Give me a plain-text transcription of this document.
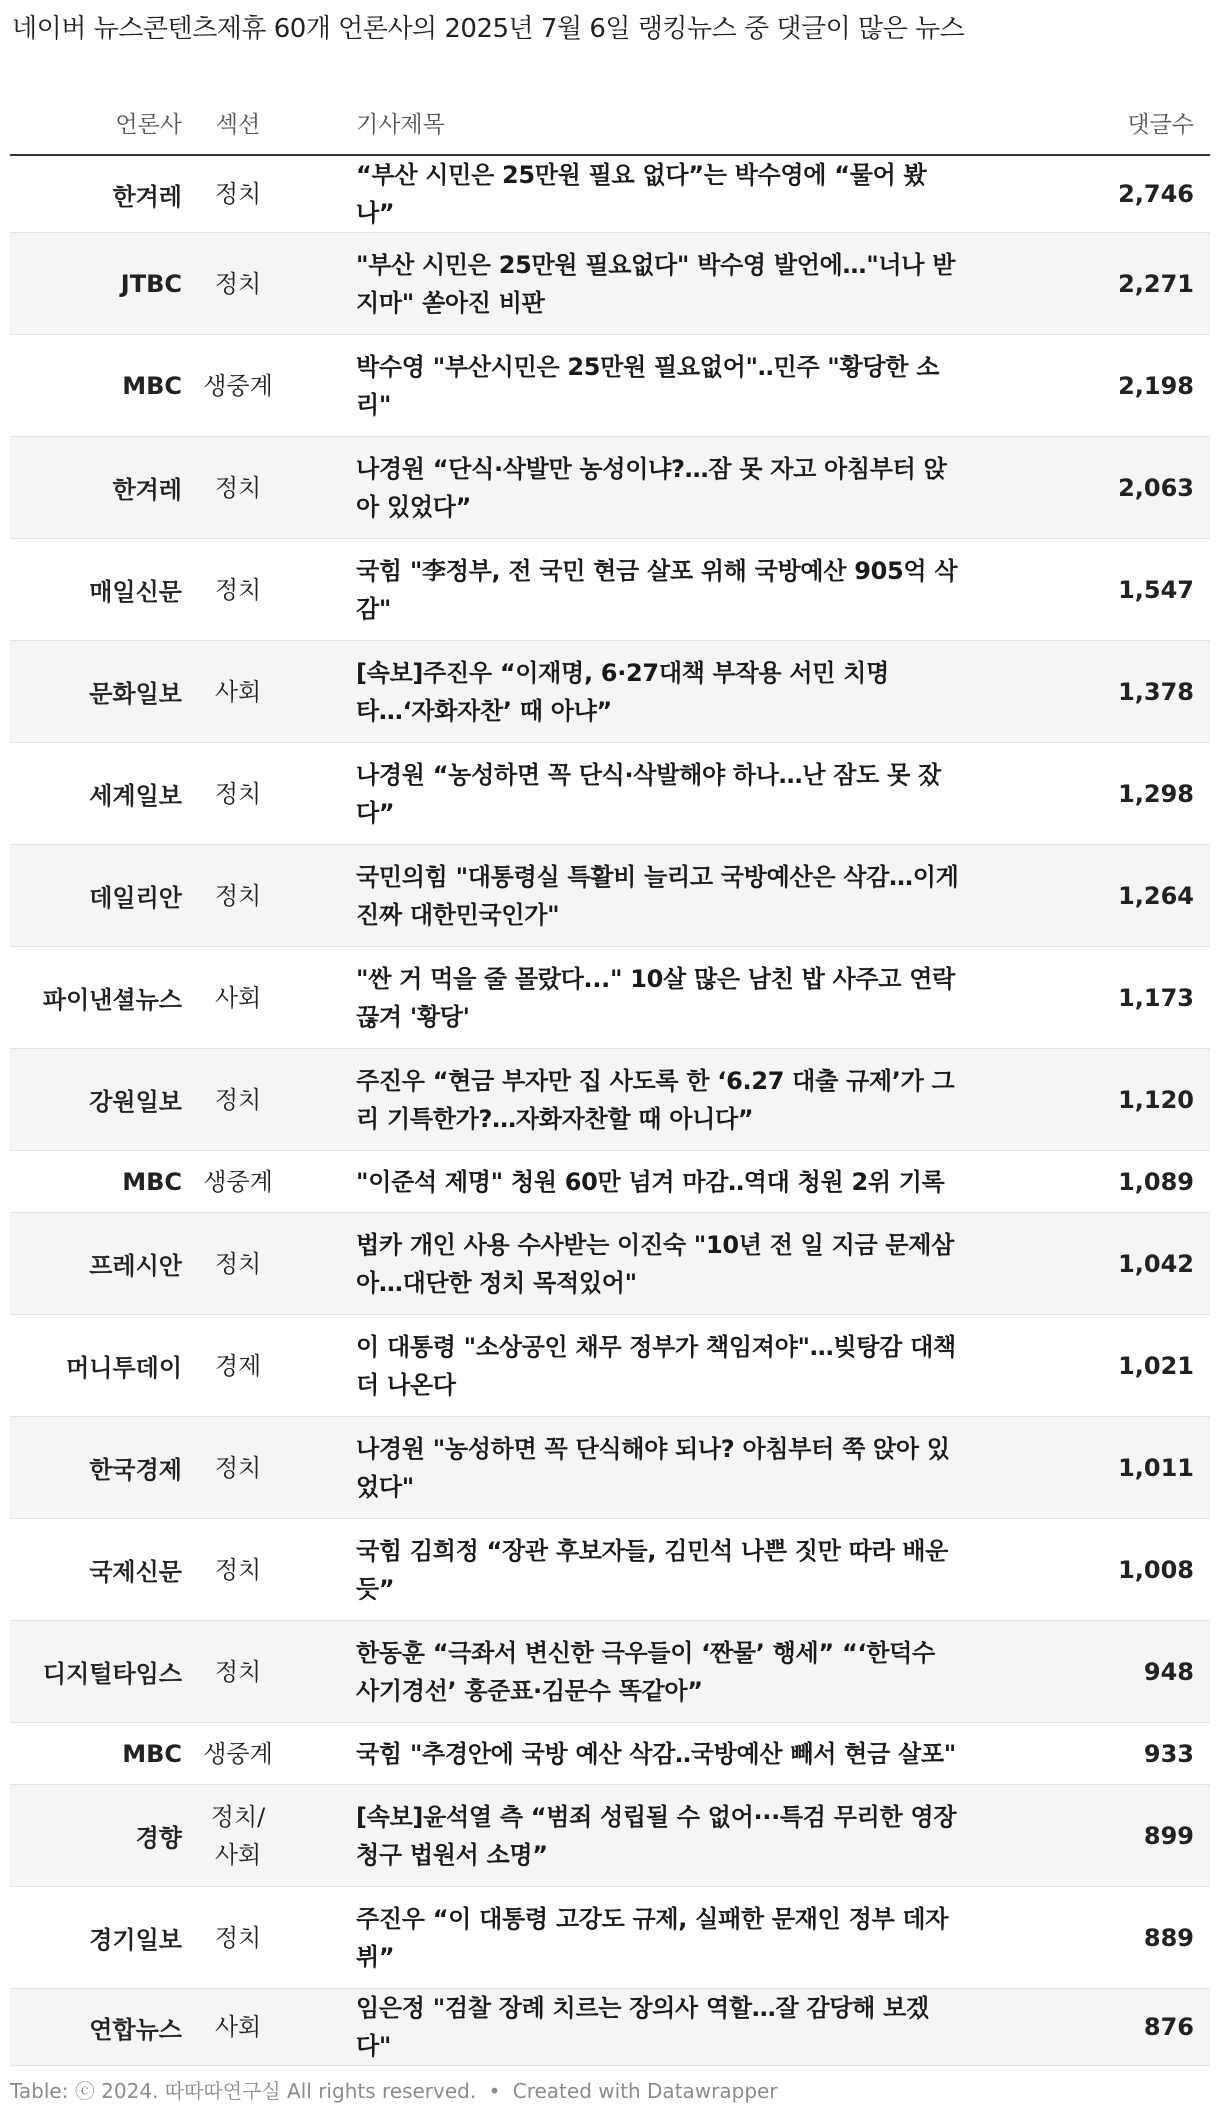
네이버 뉴스콘텐츠제휴 60개 언론사의 2025년 7월 6일 랭킹뉴스 중 댓글이 많은 뉴스
언론사	섹션	기사제목	댓글수
한겨레	정치	“부산 시민은 25만원 필요 없다”는 박수영에 “물어 봤나”	2,746
JTBC	정치	"부산 시민은 25만원 필요없다" 박수영 발언에…"너나 받지마" 쏟아진 비판	2,271
MBC	생중계	박수영 "부산시민은 25만원 필요없어"‥민주 "황당한 소리"	2,198
한겨레	정치	나경원 “단식·삭발만 농성이냐?…잠 못 자고 아침부터 앉아 있었다”	2,063
매일신문	정치	국힘 "李정부, 전 국민 현금 살포 위해 국방예산 905억 삭감"	1,547
문화일보	사회	[속보]주진우 “이재명, 6·27대책 부작용 서민 치명타…‘자화자찬’ 때 아냐”	1,378
세계일보	정치	나경원 “농성하면 꼭 단식·삭발해야 하나…난 잠도 못 잤다”	1,298
데일리안	정치	국민의힘 "대통령실 특활비 늘리고 국방예산은 삭감…이게 진짜 대한민국인가"	1,264
파이낸셜뉴스	사회	"싼 거 먹을 줄 몰랐다..." 10살 많은 남친 밥 사주고 연락 끊겨 '황당'	1,173
강원일보	정치	주진우 “현금 부자만 집 사도록 한 ‘6.27 대출 규제’가 그리 기특한가?…자화자찬할 때 아니다”	1,120
MBC	생중계	"이준석 제명" 청원 60만 넘겨 마감‥역대 청원 2위 기록	1,089
프레시안	정치	법카 개인 사용 수사받는 이진숙 "10년 전 일 지금 문제삼아…대단한 정치 목적있어"	1,042
머니투데이	경제	이 대통령 "소상공인 채무 정부가 책임져야"…빚탕감 대책 더 나온다	1,021
한국경제	정치	나경원 "농성하면 꼭 단식해야 되나? 아침부터 쭉 앉아 있었다"	1,011
국제신문	정치	국힘 김희정 “장관 후보자들, 김민석 나쁜 짓만 따라 배운 듯”	1,008
디지털타임스	정치	한동훈 “극좌서 변신한 극우들이 ‘짠물’ 행세” “‘한덕수 사기경선’ 홍준표·김문수 똑같아”	948
MBC	생중계	국힘 "추경안에 국방 예산 삭감‥국방예산 빼서 현금 살포"	933
경향	정치/사회	[속보]윤석열 측 “범죄 성립될 수 없어···특검 무리한 영장 청구 법원서 소명”	899
경기일보	정치	주진우 “이 대통령 고강도 규제, 실패한 문재인 정부 데자뷔”	889
연합뉴스	사회	임은정 "검찰 장례 치르는 장의사 역할…잘 감당해 보겠다"	876
Table: ⓒ 2024. 따따따연구실 All rights reserved. • Created with Datawrapper
